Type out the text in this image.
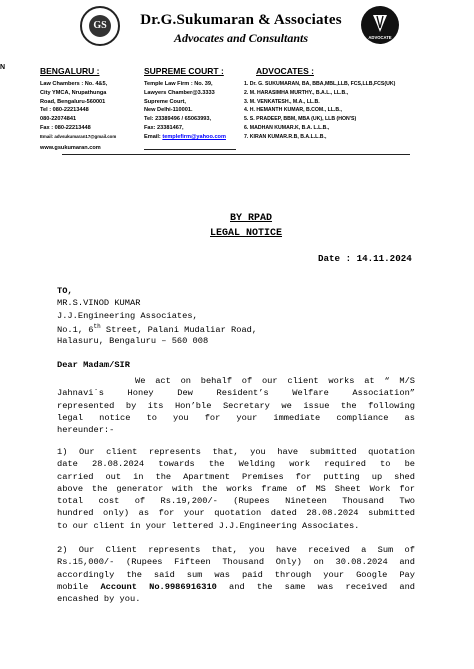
GS	Dr.G.Sukumaran & Associates
Advocates and Consultants	ADVOCATE
N	BENGALURU :
Law Chambers : No. 4&5,
City YMCA, Nrupathunga
Road, Bengaluru-560001
Tel : 080-22213448
080-22074841
Fax : 080-22213448
Email: advsukumaran17@gmail.com
www.gsukumaran.com
SUPREME COURT :
Temple Law Firm : No. 39,
Lawyers Chamber@3.3333
Supreme Court,
New Delhi-110001.
Tel: 23389496 / 65063993,
Fax: 23381467,
Email: templefirm@yahoo.com
ADVOCATES :
1. Dr. G. SUKUMARAN, BA, BBA,MBL,LLB, FCS,LLB,FCS(UK)
2. M. HARASIMHA MURTHY., B.A.L., LL.B.,
3. M. VENKATESH., M.A., LL.B.
4. H. HEMANTH KUMAR, B.COM., LL.B.,
5. S. PRADEEP, BBM, MBA (UK), LLB (HON'S)
6. MADHAN KUMAR.K, B.A. L.L.B.,
7. KIRAN KUMAR.R.B, B.A.L.L.B.,
BY RPAD
LEGAL NOTICE
Date : 14.11.2024
TO,
MR.S.VINOD KUMAR
J.J.Engineering Associates,
No.1, 6th Street, Palani Mudaliar Road,
Halasuru, Bengaluru – 560 008
Dear Madam/SIR
We act on behalf of our client works at “ M/S
Jahnavi´s Honey Dew Resident’s Welfare Association”
represented by its Hon’ble Secretary we issue the following
legal notice to you for your immediate compliance as
hereunder:-
1) Our client represents that, you have submitted quotation
date 28.08.2024 towards the Welding work required to be
carried out in the Apartment Premises for putting up shed
above the generator with the works frame of MS Sheet Work for
total cost of Rs.19,200/- (Rupees Nineteen Thousand Two
hundred only) as for your quotation dated 28.08.2024 submitted
to our client in your lettered J.J.Engineering Associates.
2) Our Client represents that, you have received a Sum of
Rs.15,000/- (Rupees Fifteen Thousand Only) on 30.08.2024 and
accordingly the said sum was paid through your Google Pay
mobile Account No.9986916310 and the same was received and
encashed by you.
